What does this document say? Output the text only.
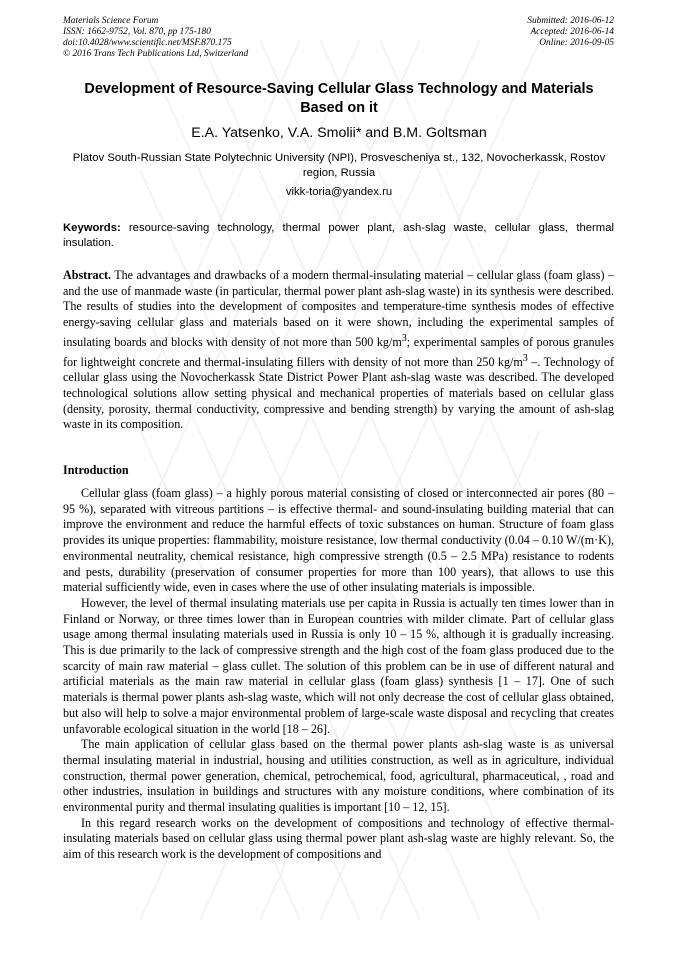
Materials Science Forum
ISSN: 1662-9752, Vol. 870, pp 175-180
doi:10.4028/www.scientific.net/MSF.870.175
© 2016 Trans Tech Publications Ltd, Switzerland
Submitted: 2016-06-12
Accepted: 2016-06-14
Online: 2016-09-05
Development of Resource-Saving Cellular Glass Technology and Materials Based on it
E.A. Yatsenko, V.A. Smolii* and B.M. Goltsman
Platov South-Russian State Polytechnic University (NPI), Prosvescheniya st., 132, Novocherkassk, Rostov region, Russia
vikk-toria@yandex.ru
Keywords: resource-saving technology, thermal power plant, ash-slag waste, cellular glass, thermal insulation.
Abstract. The advantages and drawbacks of a modern thermal-insulating material – cellular glass (foam glass) – and the use of manmade waste (in particular, thermal power plant ash-slag waste) in its synthesis were described. The results of studies into the development of composites and temperature-time synthesis modes of effective energy-saving cellular glass and materials based on it were shown, including the experimental samples of insulating boards and blocks with density of not more than 500 $kg/m^3$; experimental samples of porous granules for lightweight concrete and thermal-insulating fillers with density of not more than 250 $kg/m^3$ –. Technology of cellular glass using the Novocherkassk State District Power Plant ash-slag waste was described. The developed technological solutions allow setting physical and mechanical properties of materials based on cellular glass (density, porosity, thermal conductivity, compressive and bending strength) by varying the amount of ash-slag waste in its composition.
Introduction

Cellular glass (foam glass) – a highly porous material consisting of closed or interconnected air pores (80 – 95 %), separated with vitreous partitions – is effective thermal- and sound-insulating building material that can improve the environment and reduce the harmful effects of toxic substances on human. Structure of foam glass provides its unique properties: flammability, moisture resistance, low thermal conductivity (0.04 – 0.10 W/(m·K), environmental neutrality, chemical resistance, high compressive strength (0.5 – 2.5 MPa) resistance to rodents and pests, durability (preservation of consumer properties for more than 100 years), that allows to use this material sufficiently wide, even in cases where the use of other insulating materials is impossible.

However, the level of thermal insulating materials use per capita in Russia is actually ten times lower than in Finland or Norway, or three times lower than in European countries with milder climate. Part of cellular glass usage among thermal insulating materials used in Russia is only 10 – 15 %, although it is gradually increasing. This is due primarily to the lack of compressive strength and the high cost of the foam glass produced due to the scarcity of main raw material – glass cullet. The solution of this problem can be in use of different natural and artificial materials as the main raw material in cellular glass (foam glass) synthesis [1 – 17]. One of such materials is thermal power plants ash-slag waste, which will not only decrease the cost of cellular glass obtained, but also will help to solve a major environmental problem of large-scale waste disposal and recycling that creates unfavorable ecological situation in the world [18 – 26].

The main application of cellular glass based on the thermal power plants ash-slag waste is as universal thermal insulating material in industrial, housing and utilities construction, as well as in agriculture, individual construction, thermal power generation, chemical, petrochemical, food, agricultural, pharmaceutical, , road and other industries, insulation in buildings and structures with any moisture conditions, where combination of its environmental purity and thermal insulating qualities is important [10 – 12, 15].

In this regard research works on the development of compositions and technology of effective thermal-insulating materials based on cellular glass using thermal power plant ash-slag waste are highly relevant. So, the aim of this research work is the development of compositions and
